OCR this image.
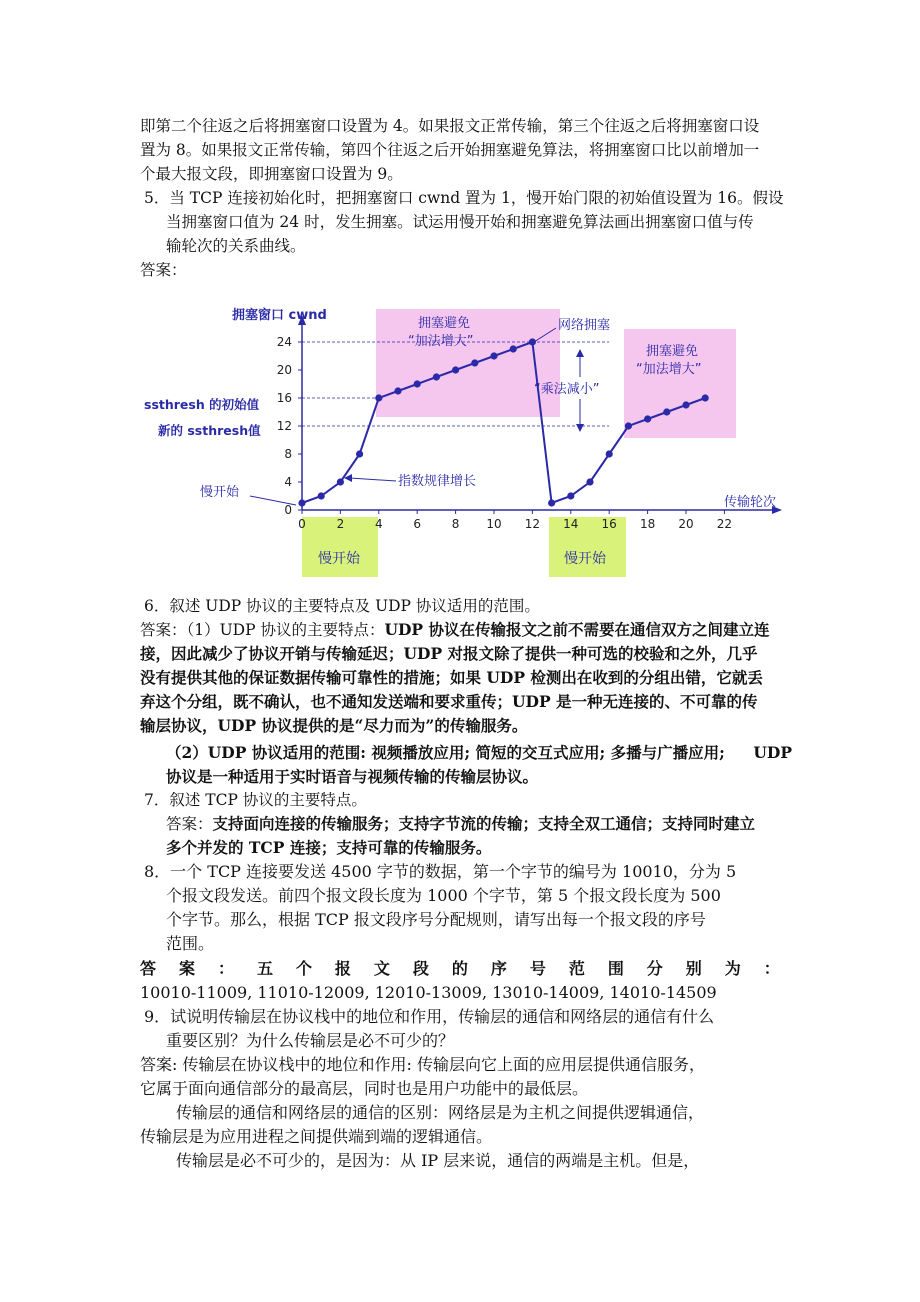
即第二个往返之后将拥塞窗口设置为 4。如果报文正常传输，第三个往返之后将拥塞窗口设
置为 8。如果报文正常传输，第四个往返之后开始拥塞避免算法，将拥塞窗口比以前增加一
个最大报文段，即拥塞窗口设置为 9。
5．当 TCP 连接初始化时，把拥塞窗口 cwnd 置为 1，慢开始门限的初始值设置为 16。假设
当拥塞窗口值为 24 时，发生拥塞。试运用慢开始和拥塞避免算法画出拥塞窗口值与传
输轮次的关系曲线。
答案：
0
4
8
12
16
20
24
0	2	4	6	8 10 12 14 16 18 20 22
拥塞窗口 cwnd
传输轮次
ssthresh 的初始值
新的 ssthresh值
慢开始
指数规律增长
拥塞避免
“加法增大”
网络拥塞
“乘法减小”
拥塞避免
“加法增大”
慢开始	慢开始
6．叙述 UDP 协议的主要特点及 UDP 协议适用的范围。
答案：（1）UDP 协议的主要特点：UDP 协议在传输报文之前不需要在通信双方之间建立连
接，因此减少了协议开销与传输延迟；UDP 对报文除了提供一种可选的校验和之外，几乎
没有提供其他的保证数据传输可靠性的措施；如果 UDP 检测出在收到的分组出错，它就丢
弃这个分组，既不确认，也不通知发送端和要求重传；UDP 是一种无连接的、不可靠的传
输层协议，UDP 协议提供的是“尽力而为”的传输服务。
（2）UDP 协议适用的范围: 视频播放应用; 简短的交互式应用; 多播与广播应用; UDP
协议是一种适用于实时语音与视频传输的传输层协议。
7．叙述 TCP 协议的主要特点。
答案：支持面向连接的传输服务；支持字节流的传输；支持全双工通信；支持同时建立
多个并发的 TCP 连接；支持可靠的传输服务。
8．一个 TCP 连接要发送 4500 字节的数据，第一个字节的编号为 10010，分为 5
个报文段发送。前四个报文段长度为 1000 个字节，第 5 个报文段长度为 500
个字节。那么，根据 TCP 报文段序号分配规则，请写出每一个报文段的序号
范围。
答 案 ： 五 个 报 文 段 的 序 号 范 围 分 别 为 ：
10010-11009, 11010-12009, 12010-13009, 13010-14009, 14010-14509
9．试说明传输层在协议栈中的地位和作用，传输层的通信和网络层的通信有什么
重要区别？为什么传输层是必不可少的？
答案: 传输层在协议栈中的地位和作用: 传输层向它上面的应用层提供通信服务，
它属于面向通信部分的最高层，同时也是用户功能中的最低层。
传输层的通信和网络层的通信的区别：网络层是为主机之间提供逻辑通信，
传输层是为应用进程之间提供端到端的逻辑通信。
传输层是必不可少的，是因为：从 IP 层来说，通信的两端是主机。但是，
